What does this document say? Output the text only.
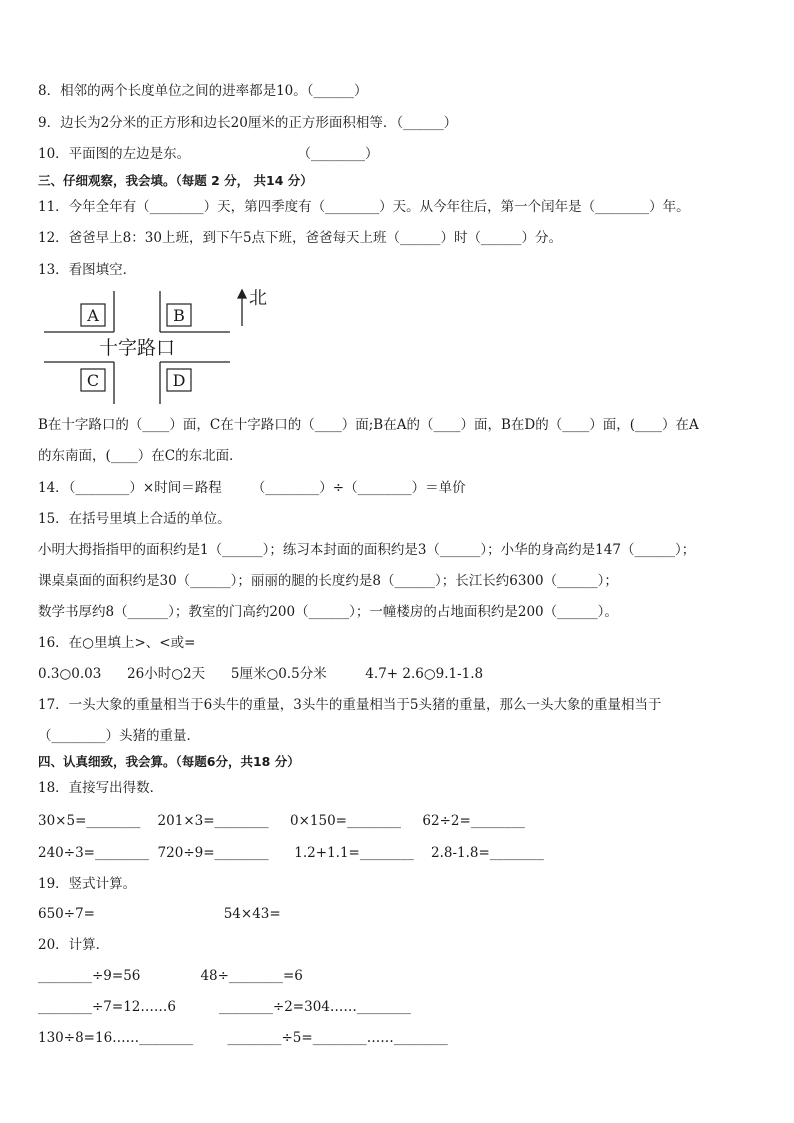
8．相邻的两个长度单位之间的进率都是10。（______）
9．边长为2分米的正方形和边长20厘米的正方形面积相等．（______）
10．平面图的左边是东。                         （________）
三、仔细观察，我会填。（每题 2 分， 共14 分）
11．今年全年有（________）天，第四季度有（________）天。从今年往后，第一个闰年是（________）年。
12．爸爸早上8：30上班，到下午5点下班，爸爸每天上班（______）时（______）分。
13．看图填空．
B在十字路口的（____）面，C在十字路口的（____）面;B在A的（____）面，B在D的（____）面，(____）在A
的东南面，(____）在C的东北面．
14．（________）×时间＝路程       （________）÷（________）＝单价
15．在括号里填上合适的单位。
小明大拇指指甲的面积约是1（______）；练习本封面的面积约是3（______）；小华的身高约是147（______）；
课桌桌面的面积约是30（______）；丽丽的腿的长度约是8（______）；长江长约6300（______）；
数学书厚约8（______）；教室的门高约200（______）；一幢楼房的占地面积约是200（______）。
16．在○里填上>、<或=
0.3○0.03      26小时○2天      5厘米○0.5分米         4.7+ 2.6○9.1-1.8
17．一头大象的重量相当于6头牛的重量，3头牛的重量相当于5头猪的重量，那么一头大象的重量相当于
（________）头猪的重量．
四、认真细致，我会算。（每题6分，共18 分）
18．直接写出得数．
30×5=________    201×3=________     0×150=________     62÷2=________
240÷3=________  720÷9=________      1.2+1.1=________    2.8-1.8=________
19．竖式计算。
650÷7=                              54×43=
20．计算．
________÷9=56              48÷________=6
________÷7=12……6          ________÷2=304……________
130÷8=16……________        ________÷5=________……________
A	B
C	D
十字路口
北
